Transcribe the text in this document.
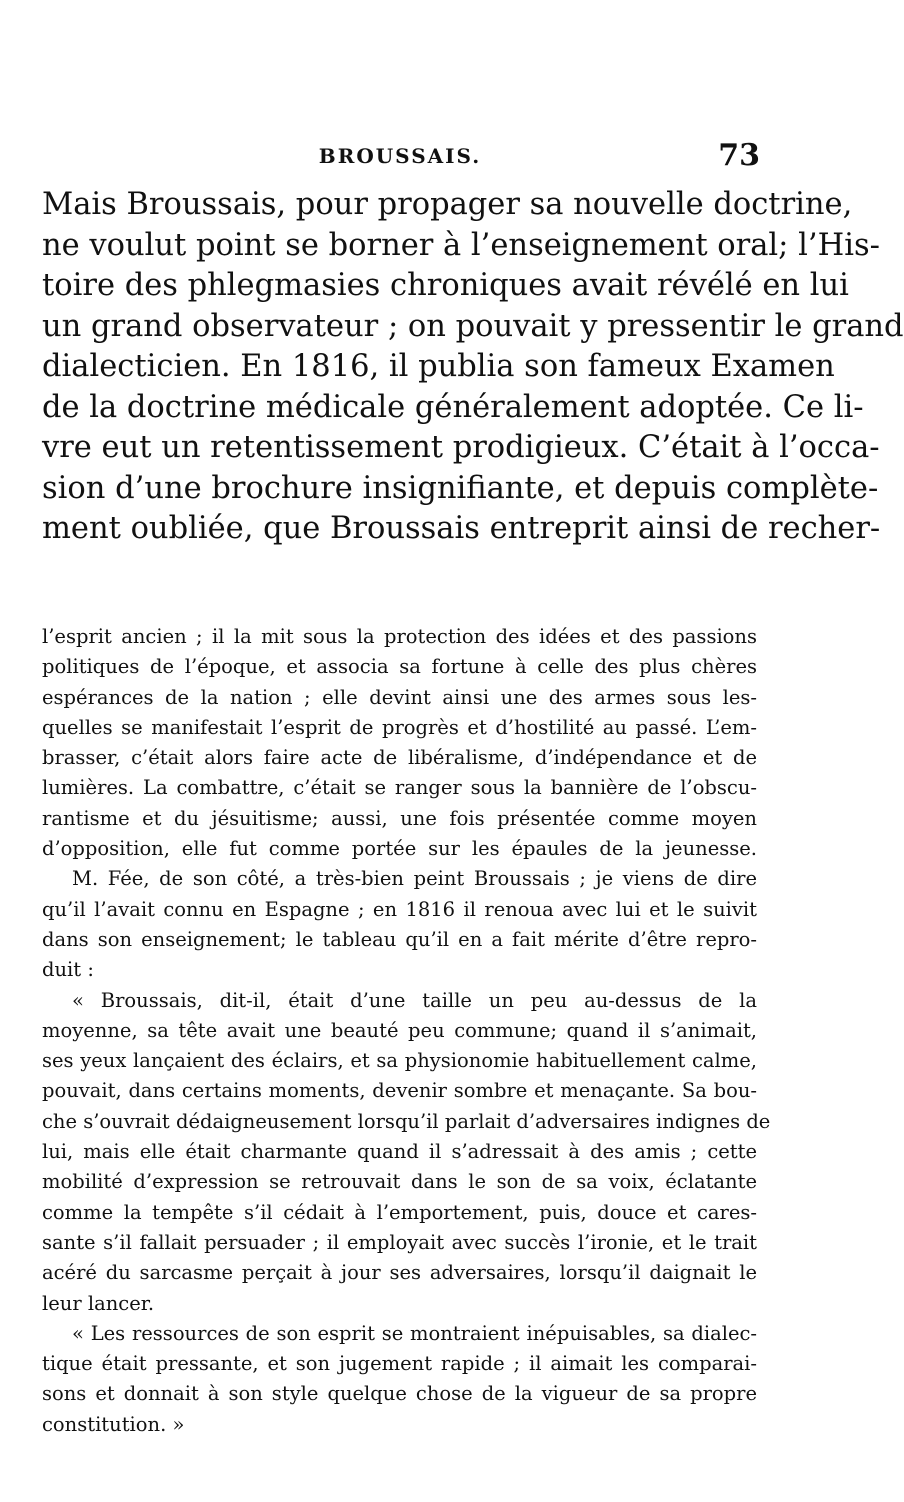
BROUSSAIS.	73
Mais Broussais, pour propager sa nouvelle doctrine,
ne voulut point se borner à l’enseignement oral; l’His-
toire des phlegmasies chroniques avait révélé en lui
un grand observateur ; on pouvait y pressentir le grand
dialecticien. En 1816, il publia son fameux Examen
de la doctrine médicale généralement adoptée. Ce li-
vre eut un retentissement prodigieux. C’était à l’occa-
sion d’une brochure insignifiante, et depuis complète-
ment oubliée, que Broussais entreprit ainsi de recher-
l’esprit ancien ; il la mit sous la protection des idées et des passions
politiques de l’époque, et associa sa fortune à celle des plus chères
espérances de la nation ; elle devint ainsi une des armes sous les-
quelles se manifestait l’esprit de progrès et d’hostilité au passé. L’em-
brasser, c’était alors faire acte de libéralisme, d’indépendance et de
lumières. La combattre, c’était se ranger sous la bannière de l’obscu-
rantisme et du jésuitisme; aussi, une fois présentée comme moyen
d’opposition, elle fut comme portée sur les épaules de la jeunesse.
M. Fée, de son côté, a très-bien peint Broussais ; je viens de dire
qu’il l’avait connu en Espagne ; en 1816 il renoua avec lui et le suivit
dans son enseignement; le tableau qu’il en a fait mérite d’être repro-
duit :
« Broussais, dit-il, était d’une taille un peu au-dessus de la
moyenne, sa tête avait une beauté peu commune; quand il s’animait,
ses yeux lançaient des éclairs, et sa physionomie habituellement calme,
pouvait, dans certains moments, devenir sombre et menaçante. Sa bou-
che s’ouvrait dédaigneusement lorsqu’il parlait d’adversaires indignes de
lui, mais elle était charmante quand il s’adressait à des amis ; cette
mobilité d’expression se retrouvait dans le son de sa voix, éclatante
comme la tempête s’il cédait à l’emportement, puis, douce et cares-
sante s’il fallait persuader ; il employait avec succès l’ironie, et le trait
acéré du sarcasme perçait à jour ses adversaires, lorsqu’il daignait le
leur lancer.
« Les ressources de son esprit se montraient inépuisables, sa dialec-
tique était pressante, et son jugement rapide ; il aimait les comparai-
sons et donnait à son style quelque chose de la vigueur de sa propre
constitution. »
